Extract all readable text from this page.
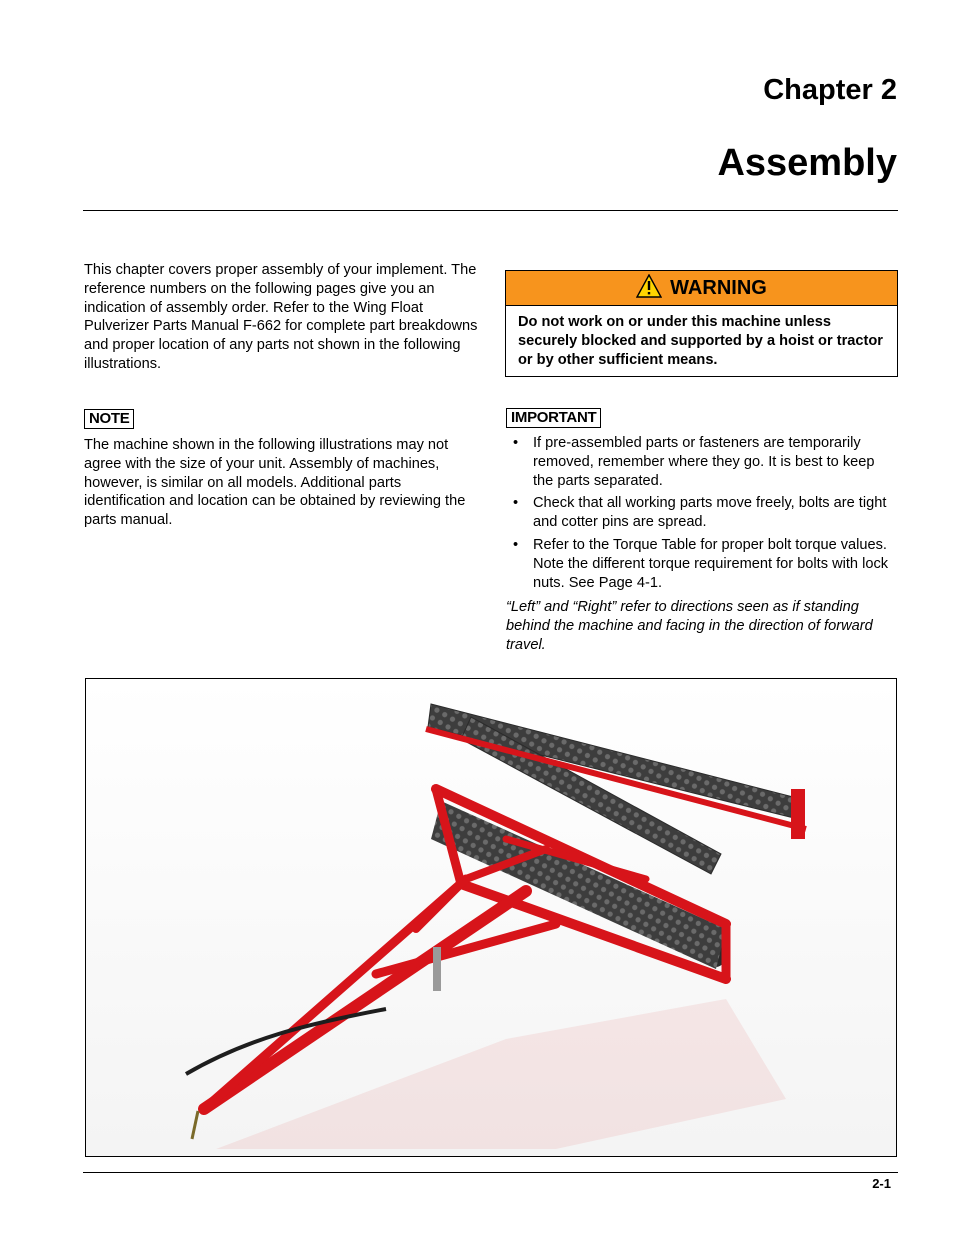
Chapter 2
Assembly
This chapter covers proper assembly of your implement. The reference numbers on the following pages give you an indication of assembly order. Refer to the Wing Float Pulverizer Parts Manual F-662 for complete part breakdowns and proper location of any parts not shown in the following illustrations.
WARNING
Do not work on or under this machine unless securely blocked and supported by a hoist or tractor or by other sufficient means.
NOTE
The machine shown in the following illustrations may not agree with the size of your unit. Assembly of machines, however, is similar on all models. Additional parts identification and location can be obtained by reviewing the parts manual.
IMPORTANT
• If pre-assembled parts or fasteners are temporarily removed, remember where they go. It is best to keep the parts separated.
• Check that all working parts move freely, bolts are tight and cotter pins are spread.
• Refer to the Torque Table for proper bolt torque values. Note the different torque requirement for bolts with lock nuts. See Page 4-1.
“Left” and “Right” refer to directions seen as if standing behind the machine and facing in the direction of forward travel.
2-1
